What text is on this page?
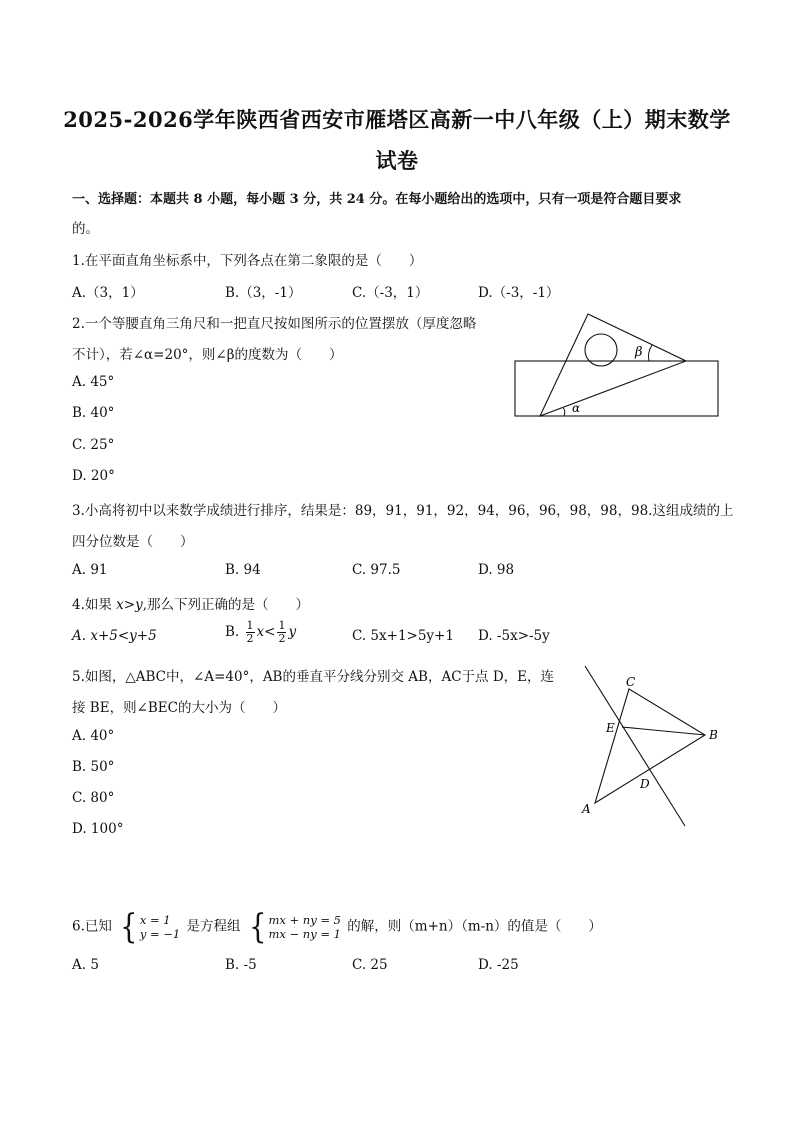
2025-2026学年陕西省西安市雁塔区高新一中八年级（上）期末数学
试卷
一、选择题：本题共 8 小题，每小题 3 分，共 24 分。在每小题给出的选项中，只有一项是符合题目要求
的。
1.在平面直角坐标系中，下列各点在第二象限的是（　　）
A.（3，1）	B.（3，-1）	C.（-3，1）	D.（-3，-1）
2.一个等腰直角三角尺和一把直尺按如图所示的位置摆放（厚度忽略
不计），若∠α=20°，则∠β的度数为（　　）
A. 45°
B. 40°
C. 25°
D. 20°
β
α
3.小高将初中以来数学成绩进行排序，结果是：89，91，91，92，94，96，96，98，98，98.这组成绩的上
四分位数是（　　）
A. 91	B. 94	C. 97.5	D. 98
4.如果 x>y,那么下列正确的是（　　）
A. x+5<y+5	B. $\frac{1}{2} x< \frac{1}{2}$ y	C. 5x+1>5y+1 D. -5x>-5y
5.如图，△ABC中，∠A=40°，AB的垂直平分线分别交 AB，AC于点 D，E，连
接 BE，则∠BEC的大小为（　　）
A. 40°
B. 50°
C. 80°
D. 100°
A
B
C
D
E
6.已知 { x = 1
y = −1 是方程组 { mx + ny = 5
mx − ny = 1 的解，则（m+n）（m-n）的值是（　　）
A. 5	B. -5	C. 25	D. -25
